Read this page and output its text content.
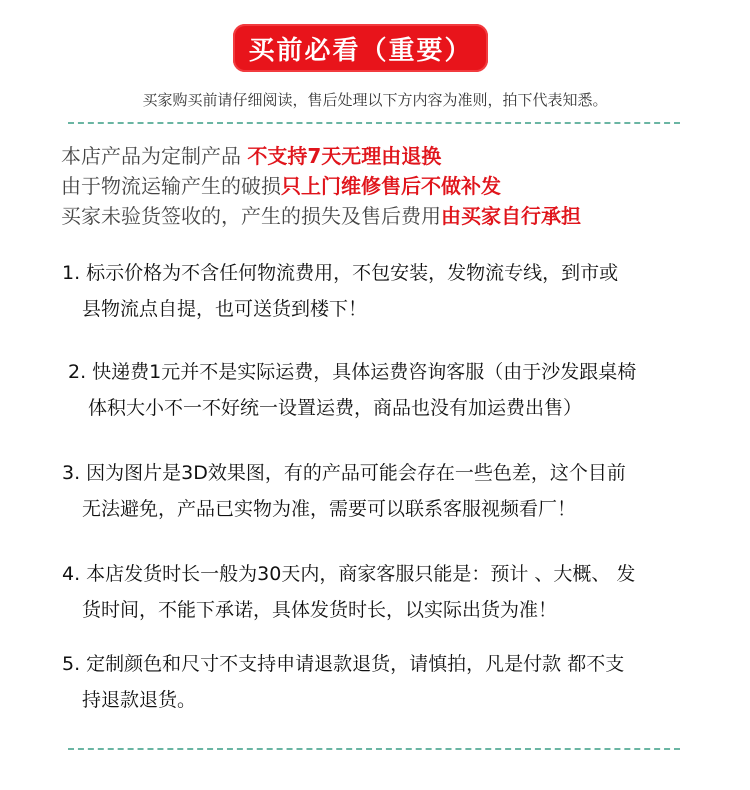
买前必看（重要）
买家购买前请仔细阅读，售后处理以下方内容为准则，拍下代表知悉。
本店产品为定制产品 不支持7天无理由退换
由于物流运输产生的破损只上门维修售后不做补发
买家未验货签收的，产生的损失及售后费用由买家自行承担
1. 标示价格为不含任何物流费用，不包安装，发物流专线，到市或
县物流点自提，也可送货到楼下！
2. 快递费1元并不是实际运费，具体运费咨询客服（由于沙发跟桌椅
体积大小不一不好统一设置运费，商品也没有加运费出售）
3. 因为图片是3D效果图，有的产品可能会存在一些色差，这个目前
无法避免，产品已实物为准，需要可以联系客服视频看厂！
4. 本店发货时长一般为30天内，商家客服只能是：预计 、大概、 发
货时间，不能下承诺，具体发货时长，以实际出货为准！
5. 定制颜色和尺寸不支持申请退款退货，请慎拍，凡是付款 都不支
持退款退货。
